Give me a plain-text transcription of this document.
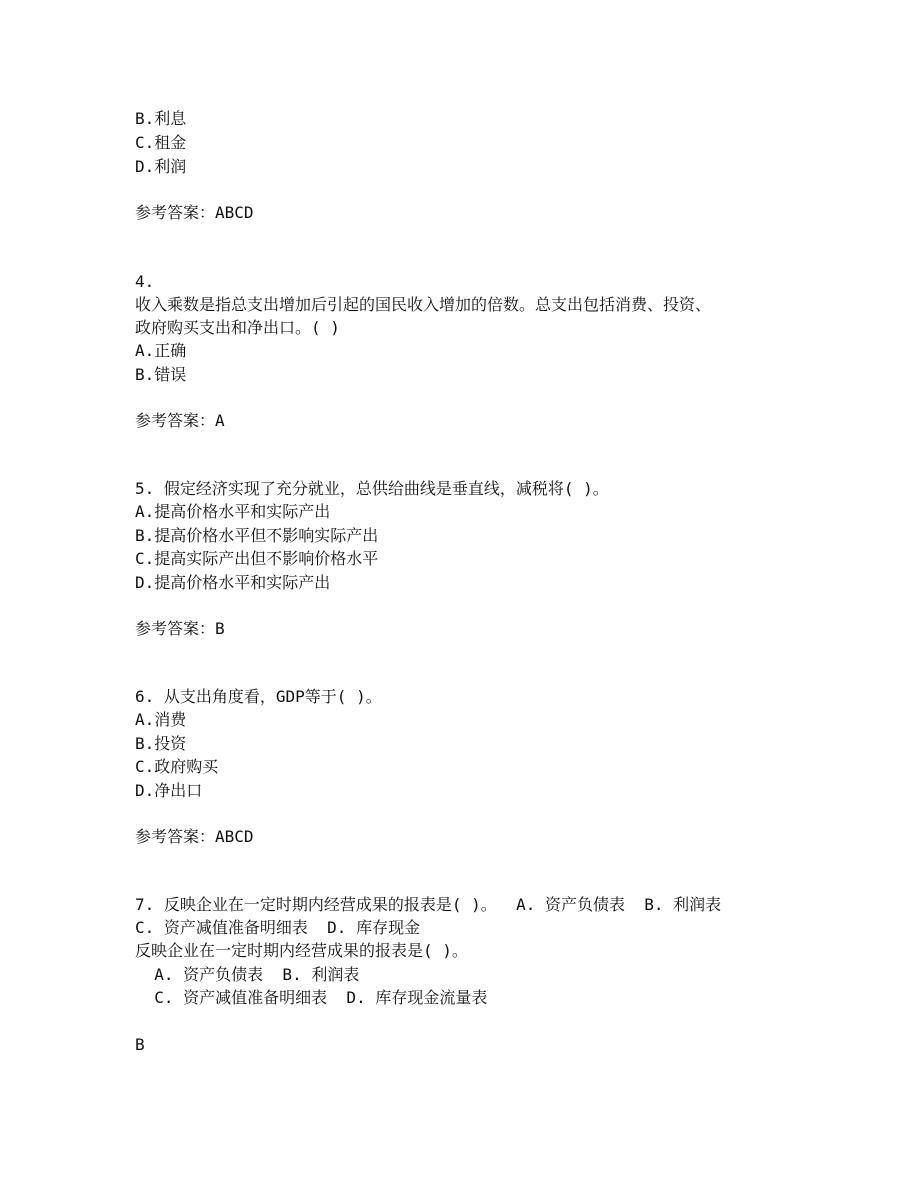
B.利息
C.租金
D.利润
参考答案：ABCD
4.
收入乘数是指总支出增加后引起的国民收入增加的倍数。总支出包括消费、投资、
政府购买支出和净出口。( )
A.正确
B.错误
参考答案：A
5. 假定经济实现了充分就业，总供给曲线是垂直线，减税将( )。
A.提高价格水平和实际产出
B.提高价格水平但不影响实际产出
C.提高实际产出但不影响价格水平
D.提高价格水平和实际产出
参考答案：B
6. 从支出角度看，GDP等于( )。
A.消费
B.投资
C.政府购买
D.净出口
参考答案：ABCD
7. 反映企业在一定时期内经营成果的报表是( )。  A. 资产负债表  B. 利润表
C. 资产减值准备明细表  D. 库存现金
反映企业在一定时期内经营成果的报表是( )。
A. 资产负债表  B. 利润表
C. 资产减值准备明细表  D. 库存现金流量表
B
